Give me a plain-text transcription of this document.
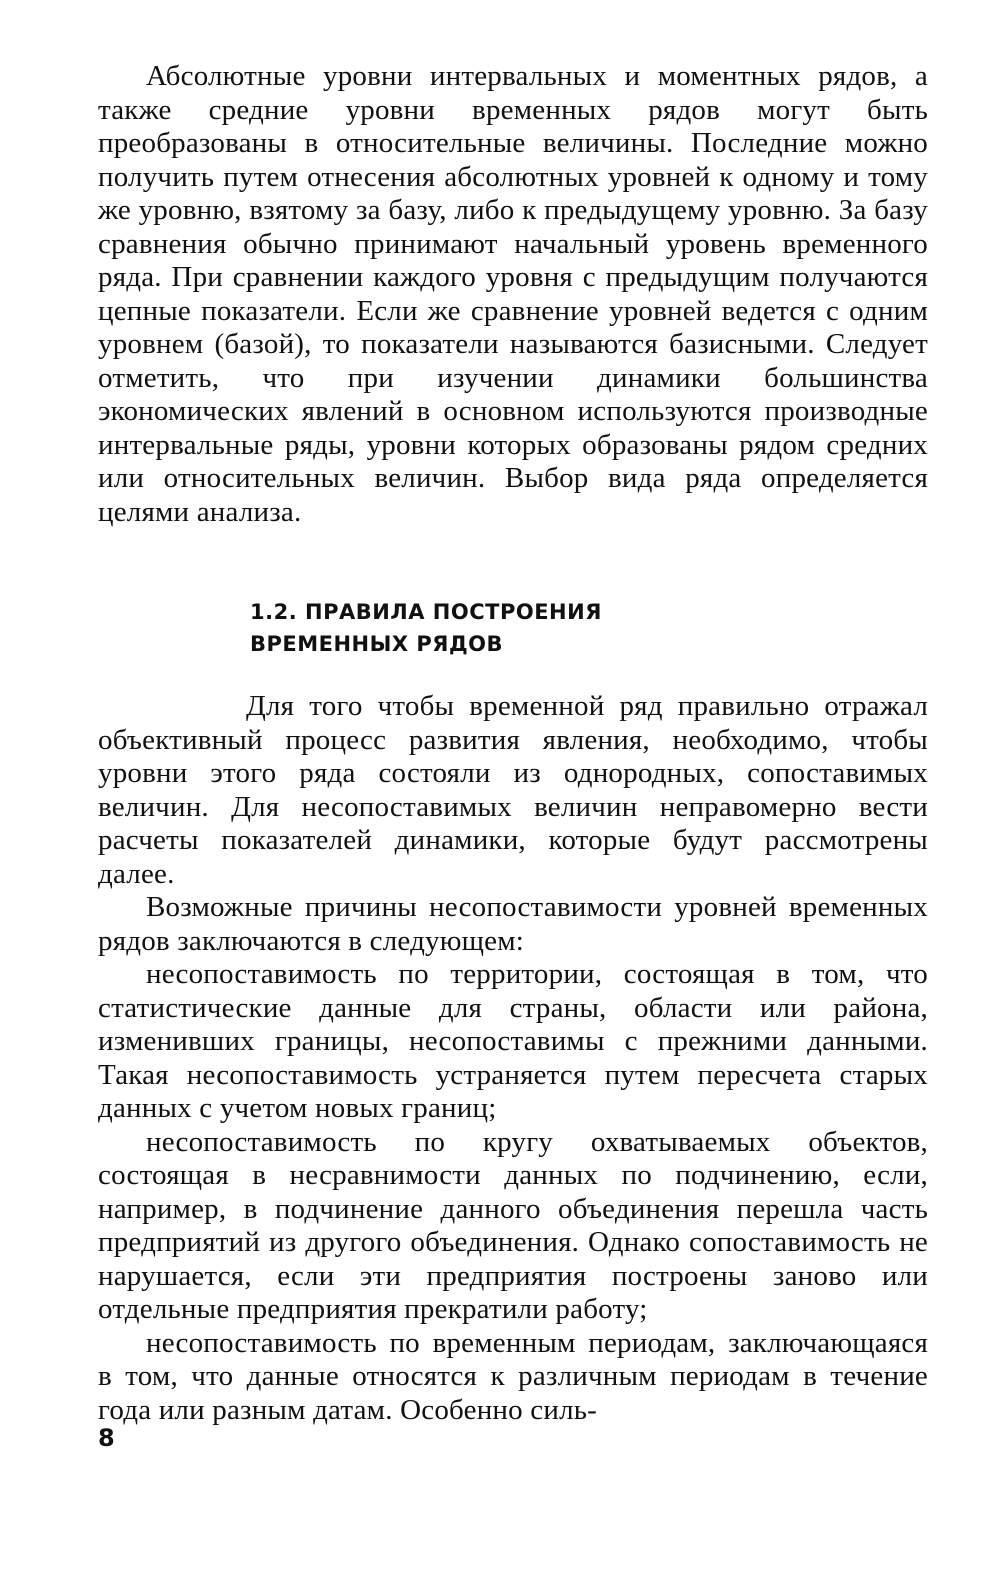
Абсолютные уровни интервальных и моментных рядов, а также средние уровни временных рядов могут быть преобразованы в относительные величины. Последние можно получить путем отнесения абсолютных уровней к одному и тому же уровню, взятому за базу, либо к предыдущему уровню. За базу сравнения обычно принимают начальный уровень временного ряда. При сравнении каждого уровня с предыдущим получаются цепные показатели. Если же сравнение уровней ведется с одним уровнем (базой), то показатели называются базисными. Следует отметить, что при изучении динамики большинства экономических явлений в основном используются производные интервальные ряды, уровни которых образованы рядом средних или относительных величин. Выбор вида ряда определяется целями анализа.

1.2. ПРАВИЛА ПОСТРОЕНИЯ
ВРЕМЕННЫХ РЯДОВ

Для того чтобы временной ряд правильно отражал объективный процесс развития явления, необходимо, чтобы уровни этого ряда состояли из однородных, сопоставимых величин. Для несопоставимых величин неправомерно вести расчеты показателей динамики, которые будут рассмотрены далее.

Возможные причины несопоставимости уровней временных рядов заключаются в следующем:

несопоставимость по территории, состоящая в том, что статистические данные для страны, области или района, изменивших границы, несопоставимы с прежними данными. Такая несопоставимость устраняется путем пересчета старых данных с учетом новых границ;

несопоставимость по кругу охватываемых объектов, состоящая в несравнимости данных по подчинению, если, например, в подчинение данного объединения перешла часть предприятий из другого объединения. Однако сопоставимость не нарушается, если эти предприятия построены заново или отдельные предприятия прекратили работу;

несопоставимость по временным периодам, заключающаяся в том, что данные относятся к различным периодам в течение года или разным датам. Особенно силь-

8
